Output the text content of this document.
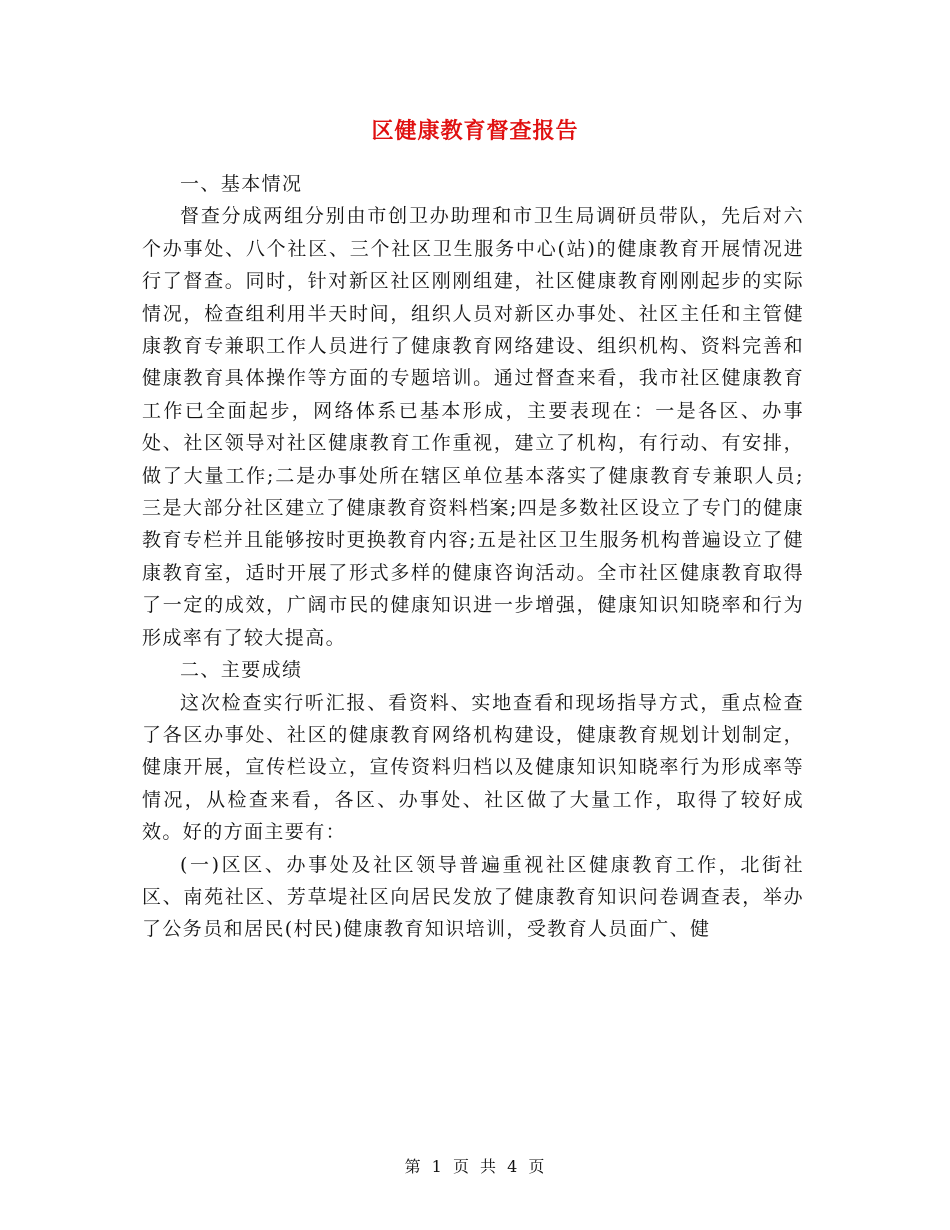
区健康教育督查报告

一、基本情况

督查分成两组分别由市创卫办助理和市卫生局调研员带队，先后对六个办事处、八个社区、三个社区卫生服务中心(站)的健康教育开展情况进行了督查。同时，针对新区社区刚刚组建，社区健康教育刚刚起步的实际情况，检查组利用半天时间，组织人员对新区办事处、社区主任和主管健康教育专兼职工作人员进行了健康教育网络建设、组织机构、资料完善和健康教育具体操作等方面的专题培训。通过督查来看，我市社区健康教育工作已全面起步，网络体系已基本形成，主要表现在：一是各区、办事处、社区领导对社区健康教育工作重视，建立了机构，有行动、有安排，做了大量工作;二是办事处所在辖区单位基本落实了健康教育专兼职人员;三是大部分社区建立了健康教育资料档案;四是多数社区设立了专门的健康教育专栏并且能够按时更换教育内容;五是社区卫生服务机构普遍设立了健康教育室，适时开展了形式多样的健康咨询活动。全市社区健康教育取得了一定的成效，广阔市民的健康知识进一步增强，健康知识知晓率和行为形成率有了较大提高。

二、主要成绩

这次检查实行听汇报、看资料、实地查看和现场指导方式，重点检查了各区办事处、社区的健康教育网络机构建设，健康教育规划计划制定，健康开展，宣传栏设立，宣传资料归档以及健康知识知晓率行为形成率等情况，从检查来看，各区、办事处、社区做了大量工作，取得了较好成效。好的方面主要有：

(一)区区、办事处及社区领导普遍重视社区健康教育工作，北街社区、南苑社区、芳草堤社区向居民发放了健康教育知识问卷调查表，举办了公务员和居民(村民)健康教育知识培训，受教育人员面广、健

第 1 页 共 4 页
